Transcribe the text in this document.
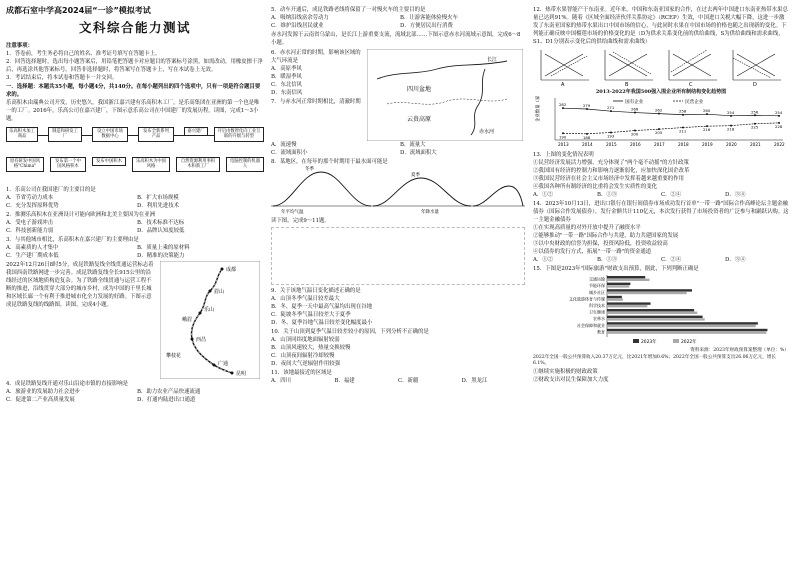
成都石室中学高2024届“一诊”模拟考试
文科综合能力测试
注意事项：
1．答卷前，考生务必将自己的姓名、准考证号填写在答题卡上。
2．回答选择题时，选出每小题答案后，用铅笔把答题卡对应题目的答案标号涂黑，如需改动，用橡皮擦干净后，再选涂其他答案标号。回答非选择题时，将答案写在答题卡上，写在本试卷上无效。
3．考试结束后，将本试卷和答题卡一并交回。
一．选择题：本题共35小题，每小题4分，共140分。在每小题列出的四个选项中，只有一项是符合题目要求的。
乐高积木由瑞典公司开发，历史悠久。我国浙江嘉兴建有乐高积木工厂，是乐高集团在亚洲的第一个也是唯一的工厂。2016年，乐高公司在嘉兴建厂，下图示意乐高公司在中国建厂的发展历程。读图，完成1～3小题。
乐高积木加工商品
制造和研发工厂
设立中国市场数据中心
发布全新系列产品
嘉兴建厂	开启由数智化向工业互联的升级与转型
原有研发中国风格"Chima"
发布第一个中国风格积木
发布中国积木	乐高积木为中国风格
自然资源利用率积木和新工厂
电脑控制的机器人
1．乐高公司在我国建厂的主要目的是
A．节省劳动力成本	B．扩大市场规模
C．充分发挥原料优势	D．利用先进技术
2．推测乐高积木在亚洲设计可能向欧洲和北美主要因为在亚洲
A．受电子游戏冲击	B．技术标准不达标
C．科技创新能力弱	D．品牌认知度较低
3．与其他域市相比，乐高积木在嘉兴建厂的主要理由是
A．高素质的人才集中	B．质量上乘的原材料
C．生产建厂期成本低	D．精准的决策能力
2022年12月26日8时5分，成昆铁路复线全线贯通运营标志着我国西南铁路网进一步完善。成昆铁路复线全长915公里的沿线经过的区域地质构造复杂。为了铁路全线贯通与运营工程不断的推进，沿线贯穿大部分的城市乡村，成为中国的千里长城和区域长廊一个有利于推进城市化全力发展的好路。下图示意成昆铁路复线的线路图。读图，完成4小题。
成都
眉山
乐山
西昌
攀枝花
广通
昆明
峨眉
4．成昆铁路复线开通对乐山沿途市镇的直接影响是
A．旅游业的发展助力社会进步	B．助力农业产品快速流通
C．促进第二产业高质量发展	D．打通内陆进出口通道
5．动车开通后，成昆铁路老线将保留了一对慢火车的主要目的是
A．吸纳沿线富余劳动力	B．让游客能体验慢火车
C．维护沿线居民就业	D．方便居民出行消费
赤水河发源于云南省乌蒙山，是长江上游重要支流，流域北部……下图示意赤水河流域示意图，完成6～8小题。
6．赤水河正常的时期，影响该区域的大气环流是
A．高原季风
B．暖湿季风
C．东北信风
D．东南信风
7．与赤水河正常时期相比，清澈时期
四川盆地
云贵高原
赤水河
长江
A．流速慢	B．流量大
C．流域面积小	D．流域面积大
8．某地区，在每年的那个时期用于最水面可能是
冬季
夏季
年平均气温	年降水量
读下图，完成9～11题。
9．关于该地气温日变化描述正确的是
A．山顶冬季气温日较差最大
B．冬、夏季一天中最高气温均出现在谷地
C．陡坡冬季气温日较差大于夏季
D．冬、夏季谷地气温日较差变化幅度最小
10．关于山顶到夏季气温日较差较小的原因，下列分析不正确的是
A．山顶同纬度地面辐射较弱
B．山顶风速较大，热量交换较慢
C．山顶夜间辐射冷却较慢
D．夜间大气逆辐射作用较强
11．该地最接近的区域是
A．四川	B．福建	C．新疆	D．黑龙江
12．热带水果智能产于东南亚。近年来，中国和东南亚国家的合作，在过去两年中国进口东南亚热带水果总量已达到91%。随着《区域全面经济伙伴关系协定》（RCEP）生效，中国进口关税大幅下降，这进一步激发了东南亚国家的热带水果出口中国市场的信心，与此同时水果在中国市场的价格也随之出现新的变化。下列能正确反映中国榴莲市场的价格变化的是（D为供求关系变化前的供给曲线，S为供给曲线和需求曲线，S1、D1分别表示变化后的供给曲线和需求曲线）
A	B	C	D
2013-2022年我国500强入围企业所有制结构变化趋势图
企业数量（家）	282	279	271	266	262	258	260	254	256	254
190	188	193	200	205	211	216	218	225	228
2013	2014	2015	2016	2017	2018	2019	2020	2021	2022
国有企业	民营企业
13．上图的变化情况表明
①民营经济发展活力增强，充分体现了"两个毫不动摇"的方针政策
②我国国有经济的控制力和影响力逐渐弱化，应加快深化国企改革
③我国民营经济在社会主义市场经济中发挥着越来越重要的作用
④我国各种所有制经济的比重将会发生实质性的变化
A．①②	B．①③	C．②④	D．③④
14．2023年10月13日，进出口银行在银行间债券市场成功发行首单"一带一路"国际合作高峰论坛主题金融债券（国际合作发展债券），发行金额共计110亿元，本次发行获得了市场投资者的广泛参与和踊跃认购。这一主题金融债券
①在实现高质量的对外开放中提升了融资水平
②能够推动"一带一路"国际合作与共建，助力共建国家的发展
③以中央财政的信誉为担保，投资风险低，投资收益较高
④以债券的发行方式，拓展"一带一路"的资金通道
A．①②	B．①③	C．②④	D．③④
15．下图是2023年"国际旅游"财政支出预算，据此，下列判断正确是
交通运输
节能环保
城乡社区
文化旅游体育与传媒
科学技术
卫生健康
农林水
社会保障和就业
教育
2023年	2022年
资料来源：2023年财政预算案整理（单位：%）
2022年全国一般公共预算收入20.37万亿元，比2021年增加0.6%；2022年全国一般公共预算支出26.06万亿元，增长6.1%。
①继续实施积极的财政政策
②财政支出对民生保障加大力度
